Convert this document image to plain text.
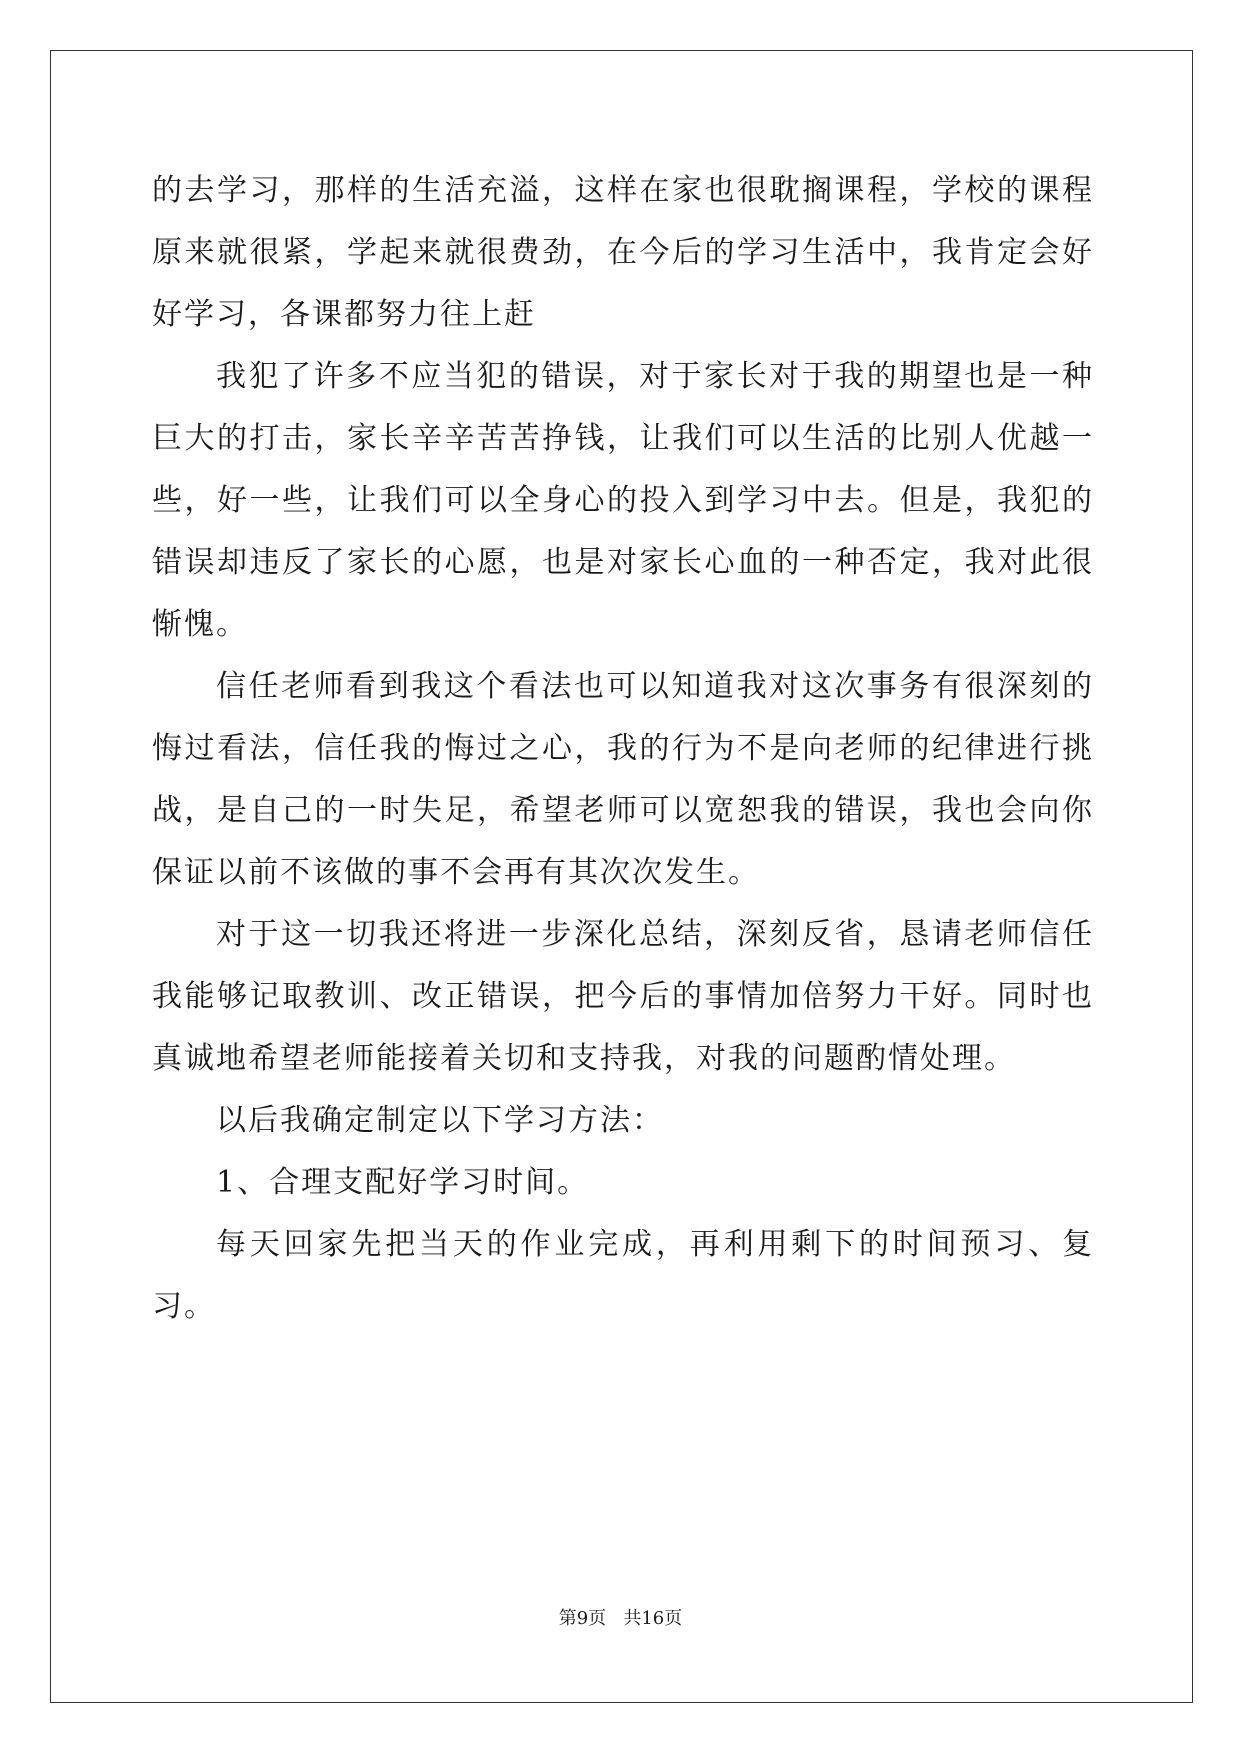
的去学习，那样的生活充溢，这样在家也很耽搁课程，学校的课程原来就很紧，学起来就很费劲，在今后的学习生活中，我肯定会好好学习，各课都努力往上赶

我犯了许多不应当犯的错误，对于家长对于我的期望也是一种巨大的打击，家长辛辛苦苦挣钱，让我们可以生活的比别人优越一些，好一些，让我们可以全身心的投入到学习中去。但是，我犯的错误却违反了家长的心愿，也是对家长心血的一种否定，我对此很惭愧。

信任老师看到我这个看法也可以知道我对这次事务有很深刻的悔过看法，信任我的悔过之心，我的行为不是向老师的纪律进行挑战，是自己的一时失足，希望老师可以宽恕我的错误，我也会向你保证以前不该做的事不会再有其次次发生。

对于这一切我还将进一步深化总结，深刻反省，恳请老师信任我能够记取教训、改正错误，把今后的事情加倍努力干好。同时也真诚地希望老师能接着关切和支持我，对我的问题酌情处理。

以后我确定制定以下学习方法：

1、合理支配好学习时间。

每天回家先把当天的作业完成，再利用剩下的时间预习、复习。

第9页 共16页
